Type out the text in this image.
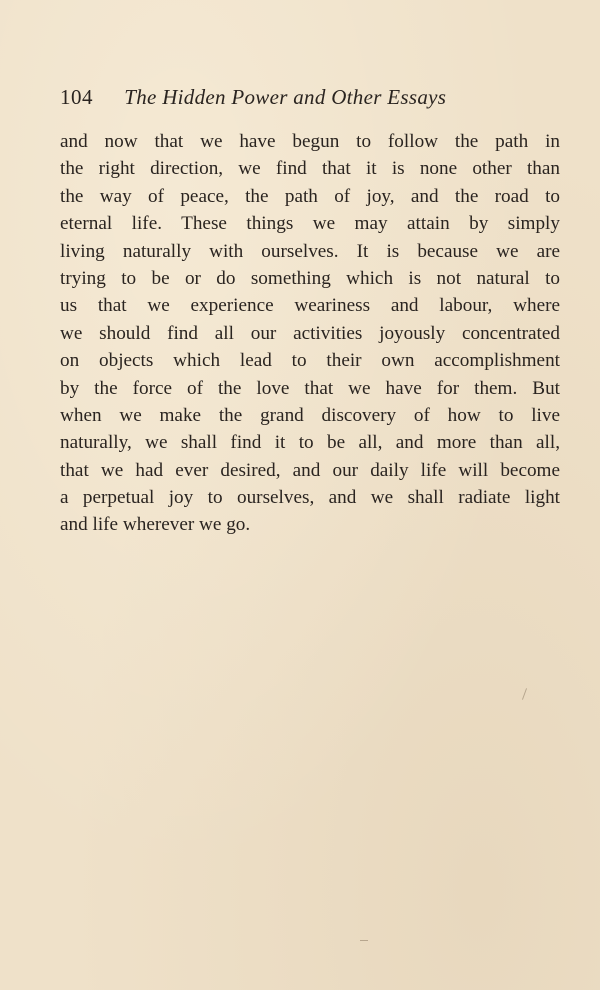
104 The Hidden Power and Other Essays
and now that we have begun to follow the path in
the right direction, we find that it is none other than
the way of peace, the path of joy, and the road to
eternal life. These things we may attain by simply
living naturally with ourselves. It is because we are
trying to be or do something which is not natural to
us that we experience weariness and labour, where
we should find all our activities joyously concentrated
on objects which lead to their own accomplishment
by the force of the love that we have for them. But
when we make the grand discovery of how to live
naturally, we shall find it to be all, and more than all,
that we had ever desired, and our daily life will become
a perpetual joy to ourselves, and we shall radiate light
and life wherever we go.
